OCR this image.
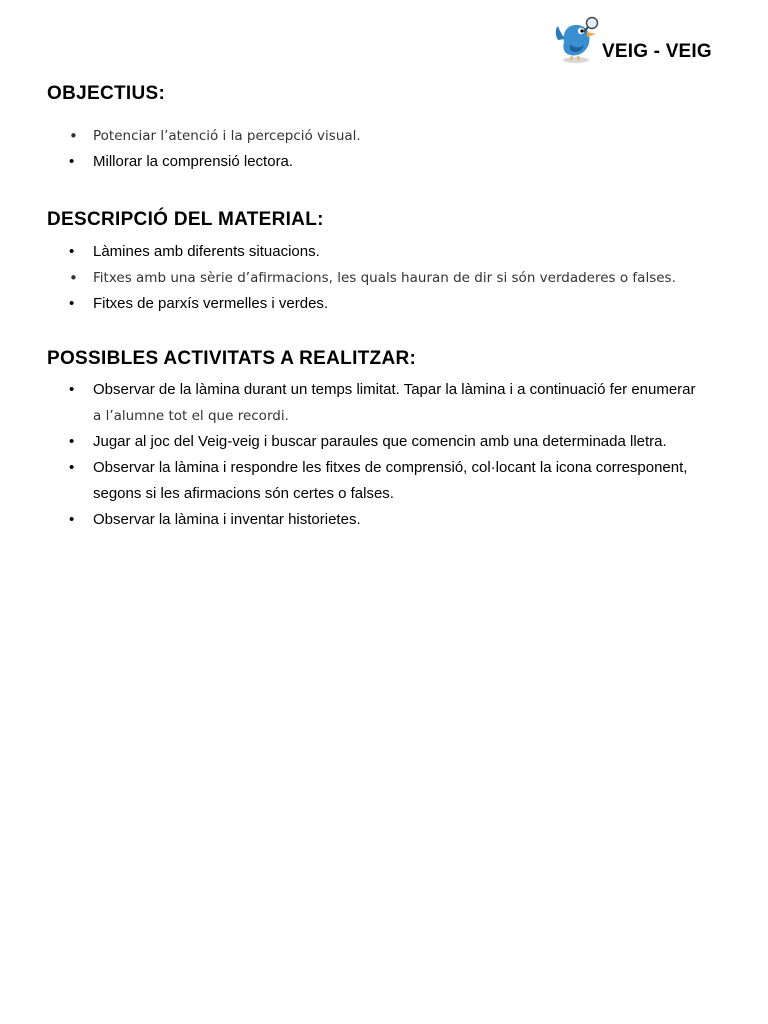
VEIG - VEIG
OBJECTIUS:
• Potenciar l’atenció i la percepció visual.
• Millorar la comprensió lectora.
DESCRIPCIÓ DEL MATERIAL:
• Làmines amb diferents situacions.
• Fitxes amb una sèrie d’afirmacions, les quals hauran de dir si són verdaderes o falses.
• Fitxes de parxís vermelles i verdes.
POSSIBLES ACTIVITATS A REALITZAR:
• Observar de la làmina durant un temps limitat. Tapar la làmina i a continuació fer enumerar
a l’alumne tot el que recordi.
• Jugar al joc del Veig-veig i buscar paraules que comencin amb una determinada lletra.
• Observar la làmina i respondre les fitxes de comprensió, col·locant la icona corresponent,
segons si les afirmacions són certes o falses.
• Observar la làmina i inventar historietes.
